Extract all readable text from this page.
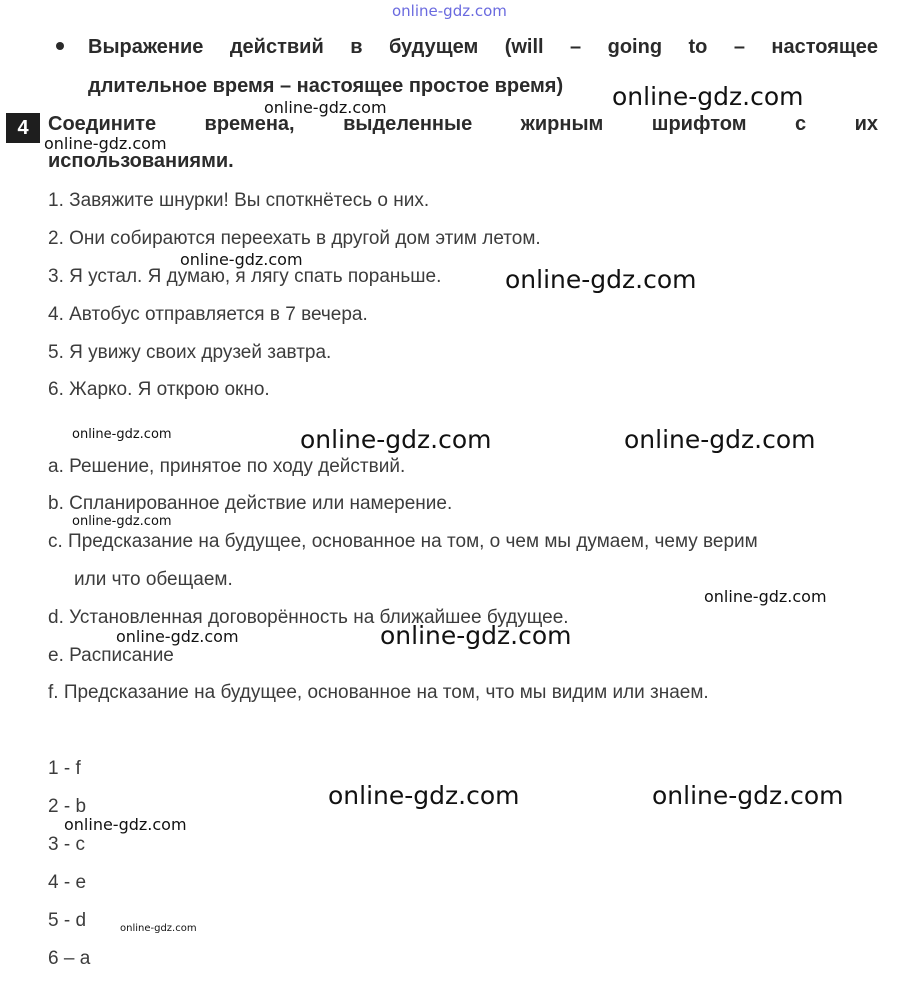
online-gdz.com
Выражение действий в будущем (will – going to – настоящее
длительное время – настоящее простое время)
4 Соедините времена, выделенные жирным шрифтом с их
использованиями.
1. Завяжите шнурки! Вы споткнётесь о них.
2. Они собираются переехать в другой дом этим летом.
3. Я устал. Я думаю, я лягу спать пораньше.
4. Автобус отправляется в 7 вечера.
5. Я увижу своих друзей завтра.
6. Жарко. Я открою окно.
a. Решение, принятое по ходу действий.
b. Спланированное действие или намерение.
c. Предсказание на будущее, основанное на том, о чем мы думаем, чему верим
или что обещаем.
d. Установленная договорённость на ближайшее будущее.
e. Расписание
f. Предсказание на будущее, основанное на том, что мы видим или знаем.
1 - f
2 - b
3 - c
4 - e
5 - d
6 – a
online-gdz.com
online-gdz.com
online-gdz.com
online-gdz.com
online-gdz.com
online-gdz.com	online-gdz.com	online-gdz.com
online-gdz.com
online-gdz.com
online-gdz.com	online-gdz.com
online-gdz.com	online-gdz.com
online-gdz.com
online-gdz.com
